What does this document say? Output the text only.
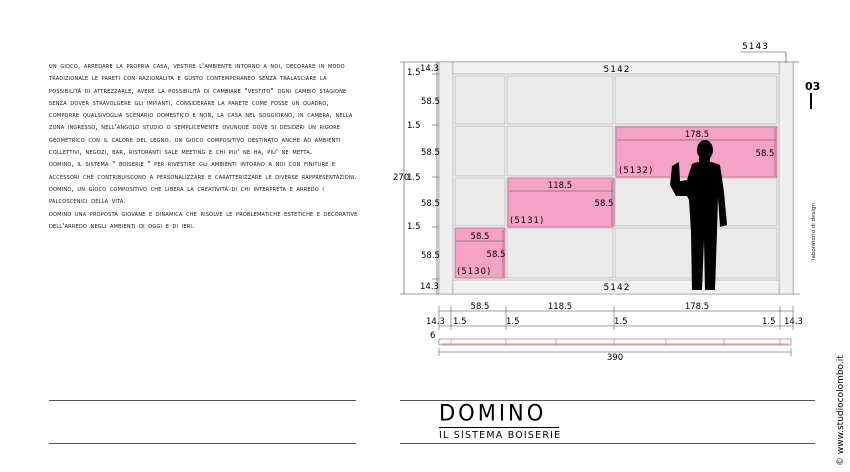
un gioco, arredare la propria casa, vestire l'ambiente intorno a noi, decorare in modo tradizionale le pareti con razionalità e gusto contemporaneo senza tralasciare la possibilità di attrezzarle, avere la possibilità di cambiare "vestito" ogni cambio stagione senza dover stravolgere gli impianti, considerare la parete come fosse un quadro, comporre qualsivoglia scenario domestico e non, la casa nel soggiorno, in camera, nella zona ingresso, nell'angolo studio o semplicemente ovunque dove si desideri un rigore geometrico con il calore del legno. un gioco compositivo destinato anche ad ambienti collettivi, negozi, bar, ristoranti sale meeting e chi piu' ne ha, piu' ne metta.

domino, il sistema " boiserie " per rivestire gli ambienti intorno a noi con finiture e accessori che contribuiscono a personalizzare e caratterizzare le diverse rappresentazioni. domino, un gioco compositivo che libera la creatività di chi interpreta e arredo i palcoscenici della vita.

domino una proposta giovane e dinamica che risolve le problematiche estetiche e decorative dell'arredo negli ambienti di oggi e di ieri.

DOMINO
IL SISTEMA BOISERIE
03
laboratorio di design
© www.studiocolombo.it
58.5
58.5
(5130)
118.5
58.5
(5131)
178.5
58.5
(5132)
5142
5142
5143
1.5 14.3
58.5
1.5
58.5
1.5
58.5
1.5
58.5
14.3
270
58.5	118.5	178.5
14.3 1.5	1.5	1.5	1.5 14.3
6
390
